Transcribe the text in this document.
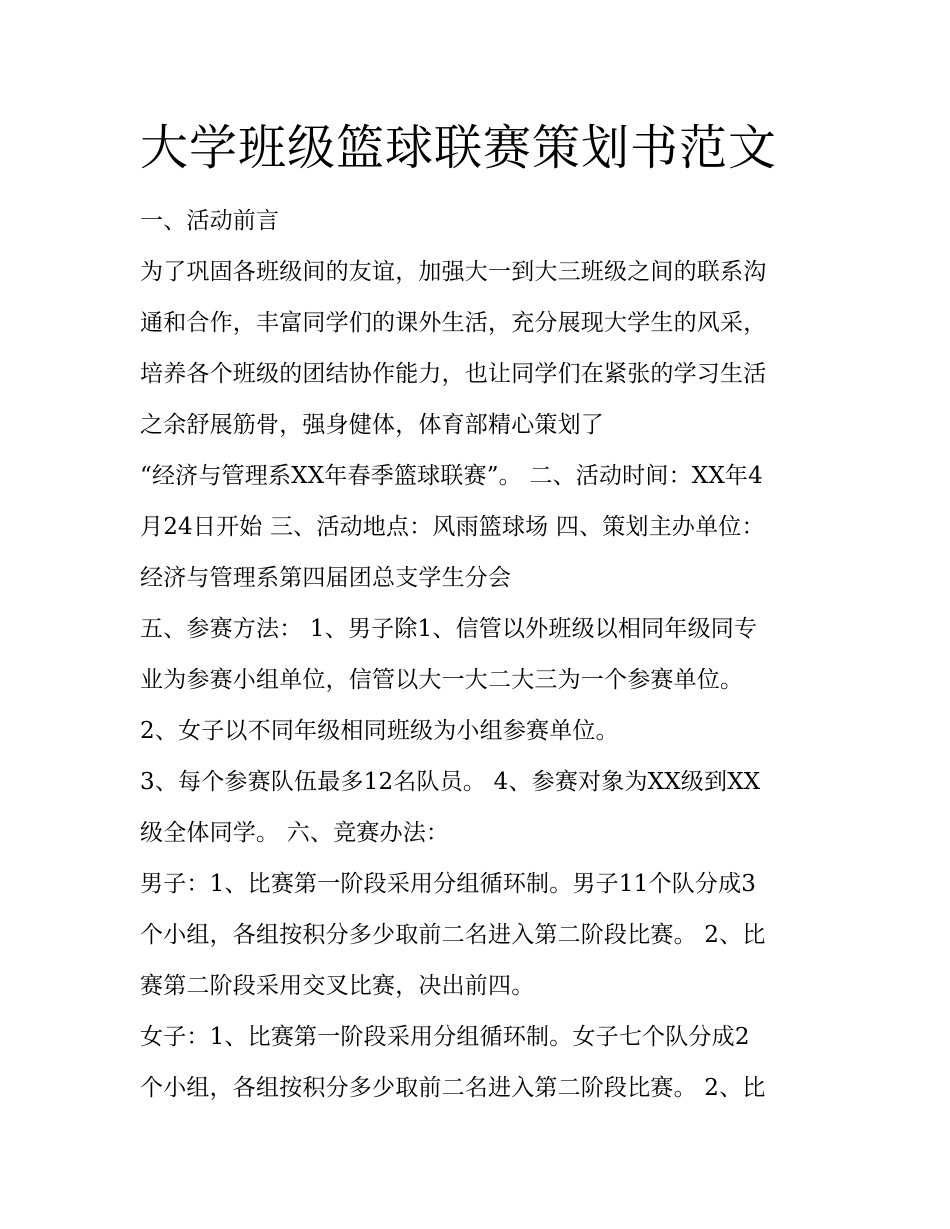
大学班级篮球联赛策划书范文
一、活动前言
为了巩固各班级间的友谊，加强大一到大三班级之间的联系沟
通和合作，丰富同学们的课外生活，充分展现大学生的风采，
培养各个班级的团结协作能力，也让同学们在紧张的学习生活
之余舒展筋骨，强身健体，体育部精心策划了
“经济与管理系XX年春季篮球联赛”。 二、活动时间：XX年4
月24日开始 三、活动地点：风雨篮球场 四、策划主办单位：
经济与管理系第四届团总支学生分会
五、参赛方法： 1、男子除1、信管以外班级以相同年级同专
业为参赛小组单位，信管以大一大二大三为一个参赛单位。
2、女子以不同年级相同班级为小组参赛单位。
3、每个参赛队伍最多12名队员。 4、参赛对象为XX级到XX
级全体同学。 六、竞赛办法：
男子：1、比赛第一阶段采用分组循环制。男子11个队分成3
个小组，各组按积分多少取前二名进入第二阶段比赛。 2、比
赛第二阶段采用交叉比赛，决出前四。
女子：1、比赛第一阶段采用分组循环制。女子七个队分成2
个小组，各组按积分多少取前二名进入第二阶段比赛。 2、比
